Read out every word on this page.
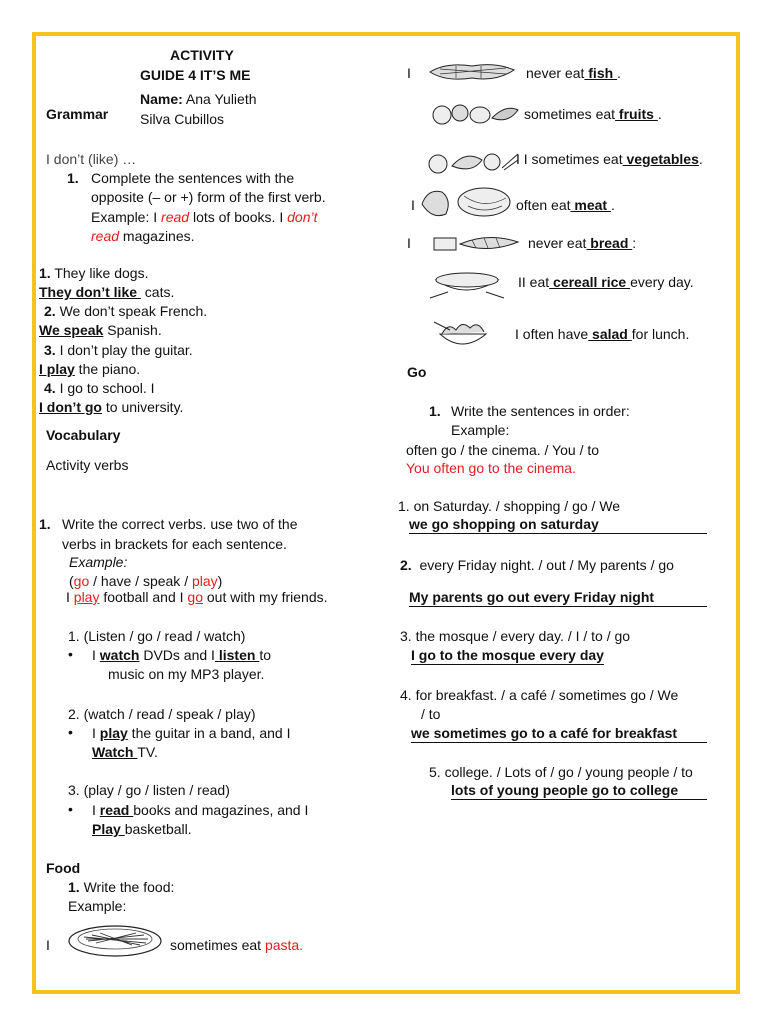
ACTIVITY
GUIDE 4 IT’S ME
Name: Ana Yulieth
Silva Cubillos
Grammar
I don’t (like) …
1. Complete the sentences with the
opposite (– or +) form of the first verb.
Example: I read lots of books. I don’t
read magazines.
1. They like dogs.
They don’t like  cats.
2. We don’t speak French.
We speak Spanish.
3. I don’t play the guitar.
I play the piano.
4. I go to school. I
I don’t go to university.
Vocabulary
Activity verbs
1. Write the correct verbs. use two of the
verbs in brackets for each sentence.
Example:
(go / have / speak / play)
I play football and I go out with my friends.
1. (Listen / go / read / watch)
• I watch DVDs and I listen to
music on my MP3 player.
2. (watch / read / speak / play)
• I play the guitar in a band, and I
Watch TV.
3. (play / go / listen / read)
• I read books and magazines, and I
Play basketball.
Food
1. Write the food:
Example:
I	sometimes eat pasta.
I	never eat fish .
sometimes eat fruits .
I I sometimes eat vegetables.
I	often eat meat .
I	never eat bread :
II eat cereall rice every day.
I often have salad for lunch.
Go
1. Write the sentences in order:
Example:
often go / the cinema. / You / to
You often go to the cinema.
1. on Saturday. / shopping / go / We
we go shopping on saturday
2. every Friday night. / out / My parents / go
My parents go out every Friday night
3. the mosque / every day. / I / to / go
I go to the mosque every day
4. for breakfast. / a café / sometimes go / We
/ to
we sometimes go to a café for breakfast
5. college. / Lots of / go / young people / to
lots of young people go to college
